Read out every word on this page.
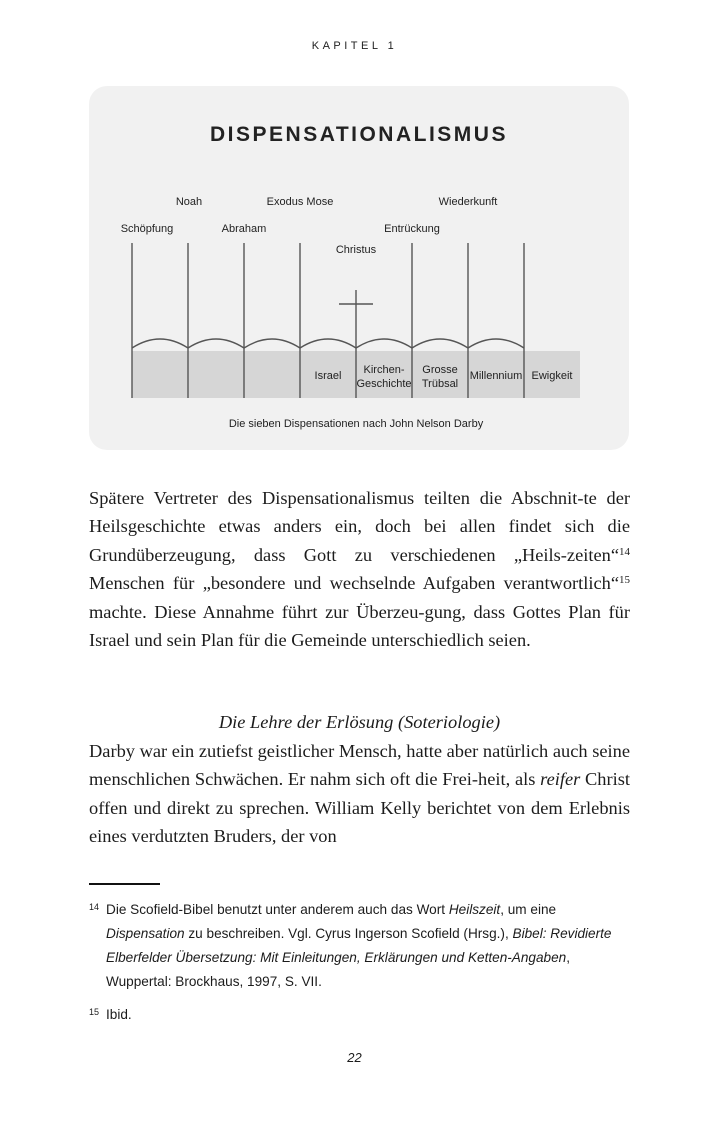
KAPITEL 1
DISPENSATIONALISMUS
Noah	Exodus Mose	Wiederkunft
Schöpfung	Abraham	Entrückung
Christus
Israel Kirchen-
Geschichte
Grosse
Trübsal
Millennium Ewigkeit
Die sieben Dispensationen nach John Nelson Darby

Spätere Vertreter des Dispensationalismus teilten die Abschnit-te der Heilsgeschichte etwas anders ein, doch bei allen findet sich die Grundüberzeugung, dass Gott zu verschiedenen „Heils-zeiten“$^{14}$ Menschen für „besondere und wechselnde Aufgaben verantwortlich“$^{15}$ machte. Diese Annahme führt zur Überzeu-gung, dass Gottes Plan für Israel und sein Plan für die Gemeinde unterschiedlich seien.

Die Lehre der Erlösung (Soteriologie)
Darby war ein zutiefst geistlicher Mensch, hatte aber natürlich auch seine menschlichen Schwächen. Er nahm sich oft die Frei-heit, als reifer Christ offen und direkt zu sprechen. William Kelly berichtet von dem Erlebnis eines verdutzten Bruders, der von
14 Die Scofield-Bibel benutzt unter anderem auch das Wort Heilszeit, um eine Dispensation zu beschreiben. Vgl. Cyrus Ingerson Scofield (Hrsg.), Bibel: Revidierte Elberfelder Übersetzung: Mit Einleitungen, Erklärungen und Ketten-Angaben, Wuppertal: Brockhaus, 1997, S. VII.
15 Ibid.
22
